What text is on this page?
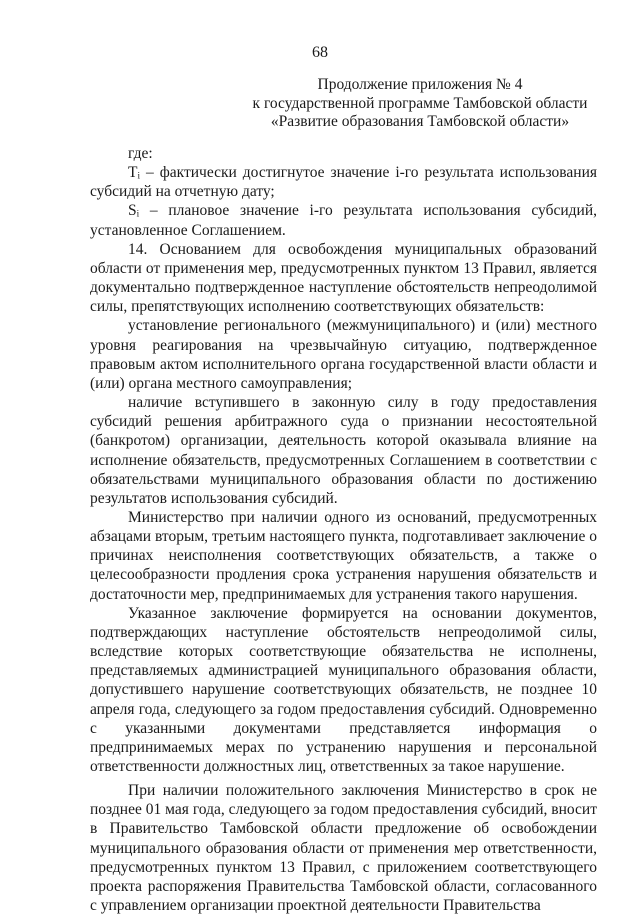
68
Продолжение приложения № 4
к государственной программе Тамбовской области
«Развитие образования Тамбовской области»

где:

Tᵢ – фактически достигнутое значение i-го результата использования субсидий на отчетную дату;

Sᵢ – плановое значение i-го результата использования субсидий, установленное Соглашением.

14. Основанием для освобождения муниципальных образований области от применения мер, предусмотренных пунктом 13 Правил, является документально подтвержденное наступление обстоятельств непреодолимой силы, препятствующих исполнению соответствующих обязательств:

установление регионального (межмуниципального) и (или) местного уровня реагирования на чрезвычайную ситуацию, подтвержденное правовым актом исполнительного органа государственной власти области и (или) органа местного самоуправления;

наличие вступившего в законную силу в году предоставления субсидий решения арбитражного суда о признании несостоятельной (банкротом) организации, деятельность которой оказывала влияние на исполнение обязательств, предусмотренных Соглашением в соответствии с обязательствами муниципального образования области по достижению результатов использования субсидий.

Министерство при наличии одного из оснований, предусмотренных абзацами вторым, третьим настоящего пункта, подготавливает заключение о причинах неисполнения соответствующих обязательств, а также о целесообразности продления срока устранения нарушения обязательств и достаточности мер, предпринимаемых для устранения такого нарушения.

Указанное заключение формируется на основании документов, подтверждающих наступление обстоятельств непреодолимой силы, вследствие которых соответствующие обязательства не исполнены, представляемых администрацией муниципального образования области, допустившего нарушение соответствующих обязательств, не позднее 10 апреля года, следующего за годом предоставления субсидий. Одновременно с указанными документами представляется информация о предпринимаемых мерах по устранению нарушения и персональной ответственности должностных лиц, ответственных за такое нарушение.

При наличии положительного заключения Министерство в срок не позднее 01 мая года, следующего за годом предоставления субсидий, вносит в Правительство Тамбовской области предложение об освобождении муниципального образования области от применения мер ответственности, предусмотренных пунктом 13 Правил, с приложением соответствующего проекта распоряжения Правительства Тамбовской области, согласованного с управлением организации проектной деятельности Правительства
